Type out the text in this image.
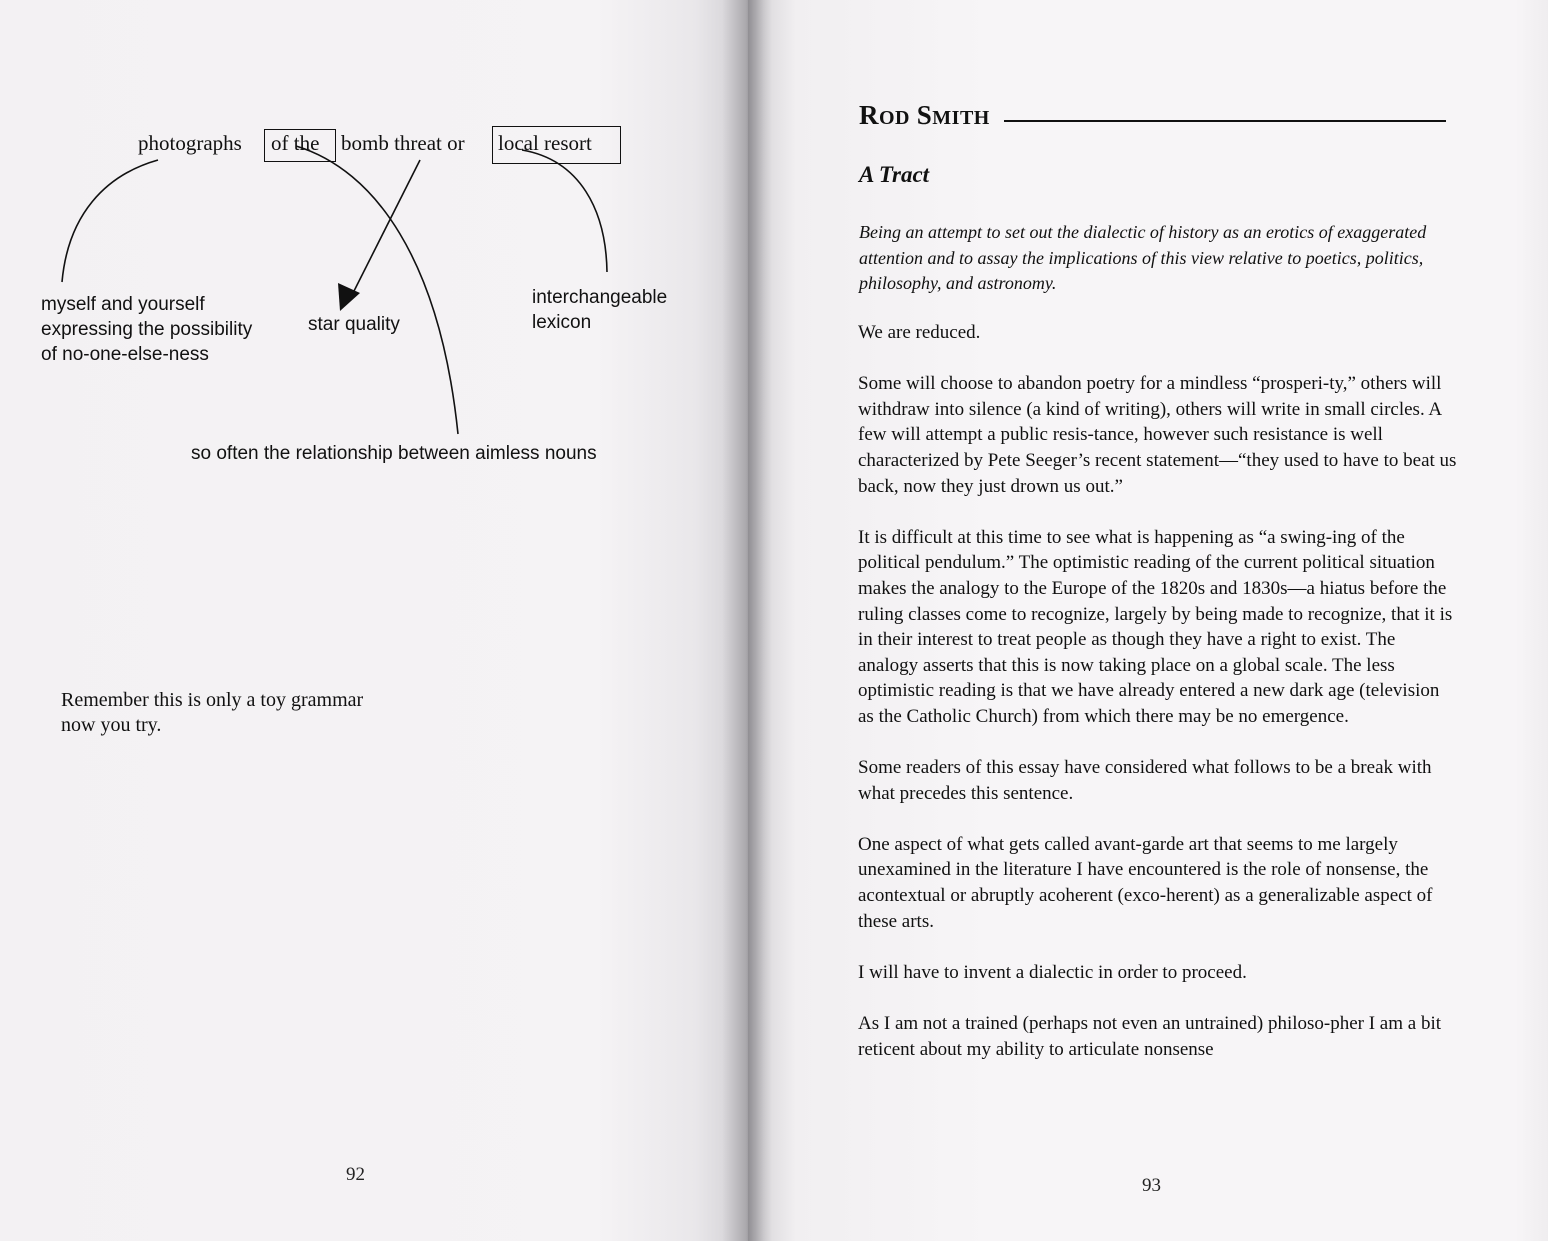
photographs of the bomb threat or local resort
myself and yourself
expressing the possibility
of no-one-else-ness
star quality
interchangeable
lexicon
so often the relationship between aimless nouns
Remember this is only a toy grammar
now you try.
92
ROD SMITH
A Tract
Being an attempt to set out the dialectic of history as an erotics of exaggerated attention and to assay the implications of this view relative to poetics, politics, philosophy, and astronomy.

We are reduced.

Some will choose to abandon poetry for a mindless “prosperi-ty,” others will withdraw into silence (a kind of writing), others will write in small circles. A few will attempt a public resis-tance, however such resistance is well characterized by Pete Seeger’s recent statement—“they used to have to beat us back, now they just drown us out.”

It is difficult at this time to see what is happening as “a swing-ing of the political pendulum.” The optimistic reading of the current political situation makes the analogy to the Europe of the 1820s and 1830s—a hiatus before the ruling classes come to recognize, largely by being made to recognize, that it is in their interest to treat people as though they have a right to exist. The analogy asserts that this is now taking place on a global scale. The less optimistic reading is that we have already entered a new dark age (television as the Catholic Church) from which there may be no emergence.

Some readers of this essay have considered what follows to be a break with what precedes this sentence.

One aspect of what gets called avant-garde art that seems to me largely unexamined in the literature I have encountered is the role of nonsense, the acontextual or abruptly acoherent (exco-herent) as a generalizable aspect of these arts.

I will have to invent a dialectic in order to proceed.

As I am not a trained (perhaps not even an untrained) philoso-pher I am a bit reticent about my ability to articulate nonsense

93
